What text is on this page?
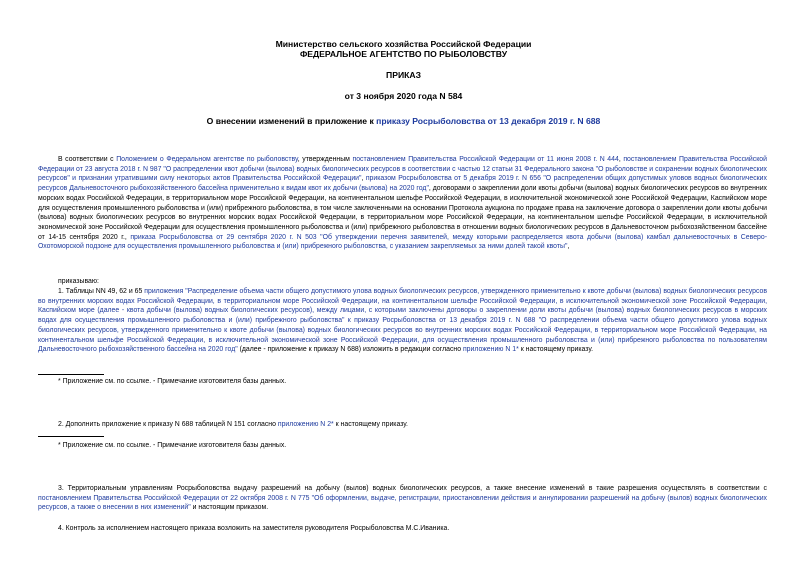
Министерство сельского хозяйства Российской Федерации
ФЕДЕРАЛЬНОЕ АГЕНТСТВО ПО РЫБОЛОВСТВУ
ПРИКАЗ
от 3 ноября 2020 года N 584
О внесении изменений в приложение к приказу Росрыболовства от 13 декабря 2019 г. N 688
В соответствии с Положением о Федеральном агентстве по рыболовству, утвержденным постановлением Правительства Российской Федерации от 11 июня 2008 г. N 444, постановлением Правительства Российской Федерации от 23 августа 2018 г. N 987 "О распределении квот добычи (вылова) водных биологических ресурсов в соответствии с частью 12 статьи 31 Федерального закона "О рыболовстве и сохранении водных биологических ресурсов" и признании утратившими силу некоторых актов Правительства Российской Федерации", приказом Росрыболовства от 5 декабря 2019 г. N 656 "О распределении общих допустимых уловов водных биологических ресурсов Дальневосточного рыбохозяйственного бассейна применительно к видам квот их добычи (вылова) на 2020 год", договорами о закреплении доли квоты добычи (вылова) водных биологических ресурсов во внутренних морских водах Российской Федерации, в территориальном море Российской Федерации, на континентальном шельфе Российской Федерации, в исключительной экономической зоне Российской Федерации, Каспийском море для осуществления промышленного рыболовства и (или) прибрежного рыболовства, в том числе заключенными на основании Протокола аукциона по продаже права на заключение договора о закреплении доли квоты добычи (вылова) водных биологических ресурсов во внутренних морских водах Российской Федерации, в территориальном море Российской Федерации, на континентальном шельфе Российской Федерации, в исключительной экономической зоне Российской Федерации для осуществления промышленного рыболовства и (или) прибрежного рыболовства в отношении водных биологических ресурсов в Дальневосточном рыбохозяйственном бассейне от 14-15 сентября 2020 г., приказа Росрыболовства от 29 сентября 2020 г. N 503 "Об утверждении перечня заявителей, между которыми распределяется квота добычи (вылова) камбал дальневосточных в Северо-Охотоморской подзоне для осуществления промышленного рыболовства и (или) прибрежного рыболовства, с указанием закрепляемых за ними долей такой квоты",
приказываю:
1. Таблицы NN 49, 62 и 65 приложения "Распределение объема части общего допустимого улова водных биологических ресурсов, утвержденного применительно к квоте добычи (вылова) водных биологических ресурсов во внутренних морских водах Российской Федерации, в территориальном море Российской Федерации, на континентальном шельфе Российской Федерации, в исключительной экономической зоне Российской Федерации, Каспийском море (далее - квота добычи (вылова) водных биологических ресурсов), между лицами, с которыми заключены договоры о закреплении доли квоты добычи (вылова) водных биологических ресурсов в морских водах для осуществления промышленного рыболовства и (или) прибрежного рыболовства" к приказу Росрыболовства от 13 декабря 2019 г. N 688 "О распределении объема части общего допустимого улова водных биологических ресурсов, утвержденного применительно к квоте добычи (вылова) водных биологических ресурсов во внутренних морских водах Российской Федерации, в территориальном море Российской Федерации, на континентальном шельфе Российской Федерации, в исключительной экономической зоне Российской Федерации, для осуществления промышленного рыболовства и (или) прибрежного рыболовства по пользователям Дальневосточного рыбохозяйственного бассейна на 2020 год" (далее - приложение к приказу N 688) изложить в редакции согласно приложению N 1* к настоящему приказу.
* Приложение см. по ссылке. - Примечание изготовителя базы данных.
2. Дополнить приложение к приказу N 688 таблицей N 151 согласно приложению N 2* к настоящему приказу.
* Приложение см. по ссылке. - Примечание изготовителя базы данных.
3. Территориальным управлениям Росрыболовства выдачу разрешений на добычу (вылов) водных биологических ресурсов, а также внесение изменений в такие разрешения осуществлять в соответствии с постановлением Правительства Российской Федерации от 22 октября 2008 г. N 775 "Об оформлении, выдаче, регистрации, приостановлении действия и аннулировании разрешений на добычу (вылов) водных биологических ресурсов, а также о внесении в них изменений" и настоящим приказом.
4. Контроль за исполнением настоящего приказа возложить на заместителя руководителя Росрыболовства М.С.Иваника.
